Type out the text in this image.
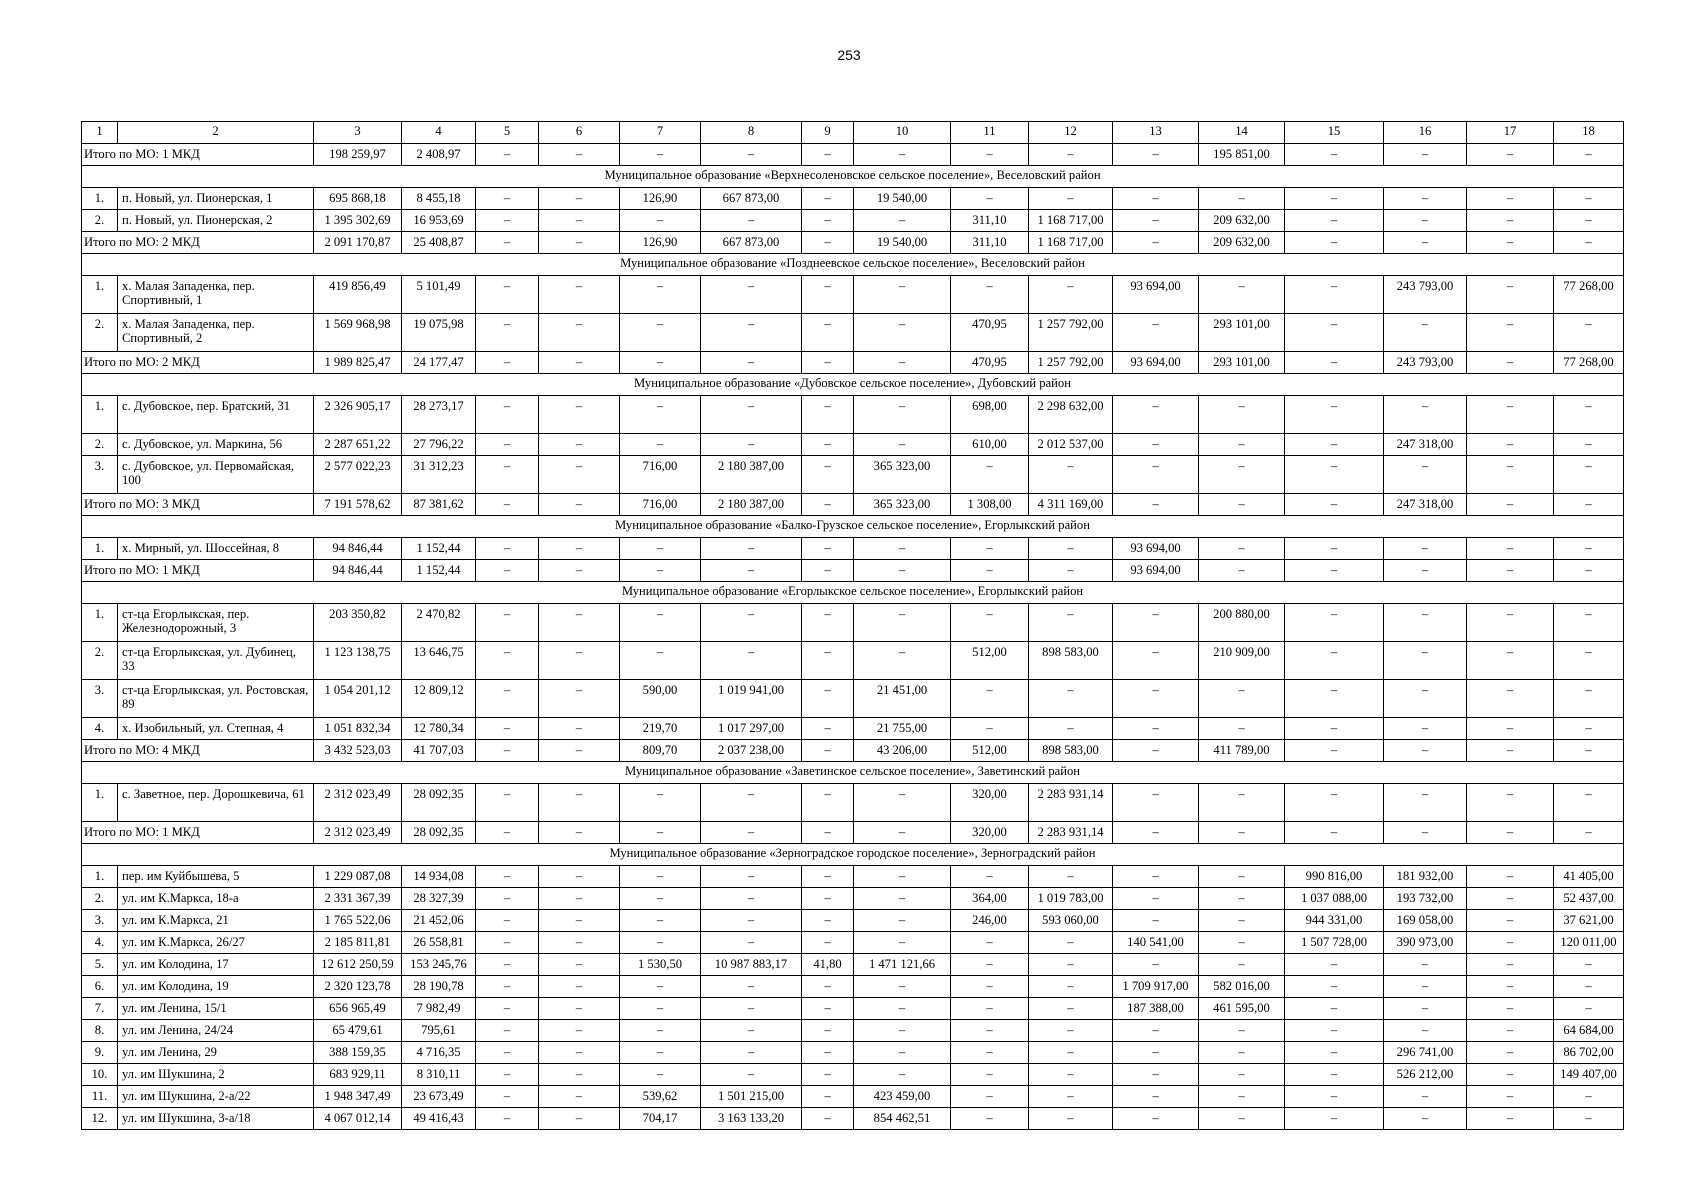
253
1	2	3	4	5	6	7	8	9	10	11	12	13	14	15	16	17	18
Итого по МО: 1 МКД		198 259,97	2 408,97	–	–	–	–	–	–	–	–	–	195 851,00	–	–	–	–
Муниципальное образование «Верхнесоленовское сельское поселение», Веселовский район																	
1.	п. Новый, ул. Пионерская, 1	695 868,18	8 455,18	–	–	126,90	667 873,00	–	19 540,00	–	–	–	–	–	–	–	–
2.	п. Новый, ул. Пионерская, 2	1 395 302,69	16 953,69	–	–	–	–	–	–	311,10	1 168 717,00	–	209 632,00	–	–	–	–
Итого по МО: 2 МКД		2 091 170,87	25 408,87	–	–	126,90	667 873,00	–	19 540,00	311,10	1 168 717,00	–	209 632,00	–	–	–	–
Муниципальное образование «Позднеевское сельское поселение», Веселовский район																	
1.	х. Малая Западенка, пер. Спортивный, 1	419 856,49	5 101,49	–	–	–	–	–	–	–	–	93 694,00	–	–	243 793,00	–	77 268,00
2.	х. Малая Западенка, пер. Спортивный, 2	1 569 968,98	19 075,98	–	–	–	–	–	–	470,95	1 257 792,00	–	293 101,00	–	–	–	–
Итого по МО: 2 МКД		1 989 825,47	24 177,47	–	–	–	–	–	–	470,95	1 257 792,00	93 694,00	293 101,00	–	243 793,00	–	77 268,00
Муниципальное образование «Дубовское сельское поселение», Дубовский район																	
1.	с. Дубовское, пер. Братский, 31	2 326 905,17	28 273,17	–	–	–	–	–	–	698,00	2 298 632,00	–	–	–	–	–	–
2.	с. Дубовское, ул. Маркина, 56	2 287 651,22	27 796,22	–	–	–	–	–	–	610,00	2 012 537,00	–	–	–	247 318,00	–	–
3.	с. Дубовское, ул. Первомайская, 100	2 577 022,23	31 312,23	–	–	716,00	2 180 387,00	–	365 323,00	–	–	–	–	–	–	–	–
Итого по МО: 3 МКД		7 191 578,62	87 381,62	–	–	716,00	2 180 387,00	–	365 323,00	1 308,00	4 311 169,00	–	–	–	247 318,00	–	–
Муниципальное образование «Балко-Грузское сельское поселение», Егорлыкский район																	
1.	х. Мирный, ул. Шоссейная, 8	94 846,44	1 152,44	–	–	–	–	–	–	–	–	93 694,00	–	–	–	–	–
Итого по МО: 1 МКД		94 846,44	1 152,44	–	–	–	–	–	–	–	–	93 694,00	–	–	–	–	–
Муниципальное образование «Егорлыкское сельское поселение», Егорлыкский район																	
1.	ст-ца Егорлыкская, пер. Железнодорожный, 3	203 350,82	2 470,82	–	–	–	–	–	–	–	–	–	200 880,00	–	–	–	–
2.	ст-ца Егорлыкская, ул. Дубинец, 33	1 123 138,75	13 646,75	–	–	–	–	–	–	512,00	898 583,00	–	210 909,00	–	–	–	–
3.	ст-ца Егорлыкская, ул. Ростовская, 89	1 054 201,12	12 809,12	–	–	590,00	1 019 941,00	–	21 451,00	–	–	–	–	–	–	–	–
4.	х. Изобильный, ул. Степная, 4	1 051 832,34	12 780,34	–	–	219,70	1 017 297,00	–	21 755,00	–	–	–	–	–	–	–	–
Итого по МО: 4 МКД		3 432 523,03	41 707,03	–	–	809,70	2 037 238,00	–	43 206,00	512,00	898 583,00	–	411 789,00	–	–	–	–
Муниципальное образование «Заветинское сельское поселение», Заветинский район																	
1.	с. Заветное, пер. Дорошкевича, 61	2 312 023,49	28 092,35	–	–	–	–	–	–	320,00	2 283 931,14	–	–	–	–	–	–
Итого по МО: 1 МКД		2 312 023,49	28 092,35	–	–	–	–	–	–	320,00	2 283 931,14	–	–	–	–	–	–
Муниципальное образование «Зерноградское городское поселение», Зерноградский район																	
1.	пер. им Куйбышева, 5	1 229 087,08	14 934,08	–	–	–	–	–	–	–	–	–	–	990 816,00	181 932,00	–	41 405,00
2.	ул. им К.Маркса, 18-а	2 331 367,39	28 327,39	–	–	–	–	–	–	364,00	1 019 783,00	–	–	1 037 088,00	193 732,00	–	52 437,00
3.	ул. им К.Маркса, 21	1 765 522,06	21 452,06	–	–	–	–	–	–	246,00	593 060,00	–	–	944 331,00	169 058,00	–	37 621,00
4.	ул. им К.Маркса, 26/27	2 185 811,81	26 558,81	–	–	–	–	–	–	–	–	140 541,00	–	1 507 728,00	390 973,00	–	120 011,00
5.	ул. им Колодина, 17	12 612 250,59	153 245,76	–	–	1 530,50	10 987 883,17	41,80	1 471 121,66	–	–	–	–	–	–	–	–
6.	ул. им Колодина, 19	2 320 123,78	28 190,78	–	–	–	–	–	–	–	–	1 709 917,00	582 016,00	–	–	–	–
7.	ул. им Ленина, 15/1	656 965,49	7 982,49	–	–	–	–	–	–	–	–	187 388,00	461 595,00	–	–	–	–
8.	ул. им Ленина, 24/24	65 479,61	795,61	–	–	–	–	–	–	–	–	–	–	–	–	–	64 684,00
9.	ул. им Ленина, 29	388 159,35	4 716,35	–	–	–	–	–	–	–	–	–	–	–	296 741,00	–	86 702,00
10.	ул. им Шукшина, 2	683 929,11	8 310,11	–	–	–	–	–	–	–	–	–	–	–	526 212,00	–	149 407,00
11.	ул. им Шукшина, 2-а/22	1 948 347,49	23 673,49	–	–	539,62	1 501 215,00	–	423 459,00	–	–	–	–	–	–	–	–
12.	ул. им Шукшина, 3-а/18	4 067 012,14	49 416,43	–	–	704,17	3 163 133,20	–	854 462,51	–	–	–	–	–	–	–	–
